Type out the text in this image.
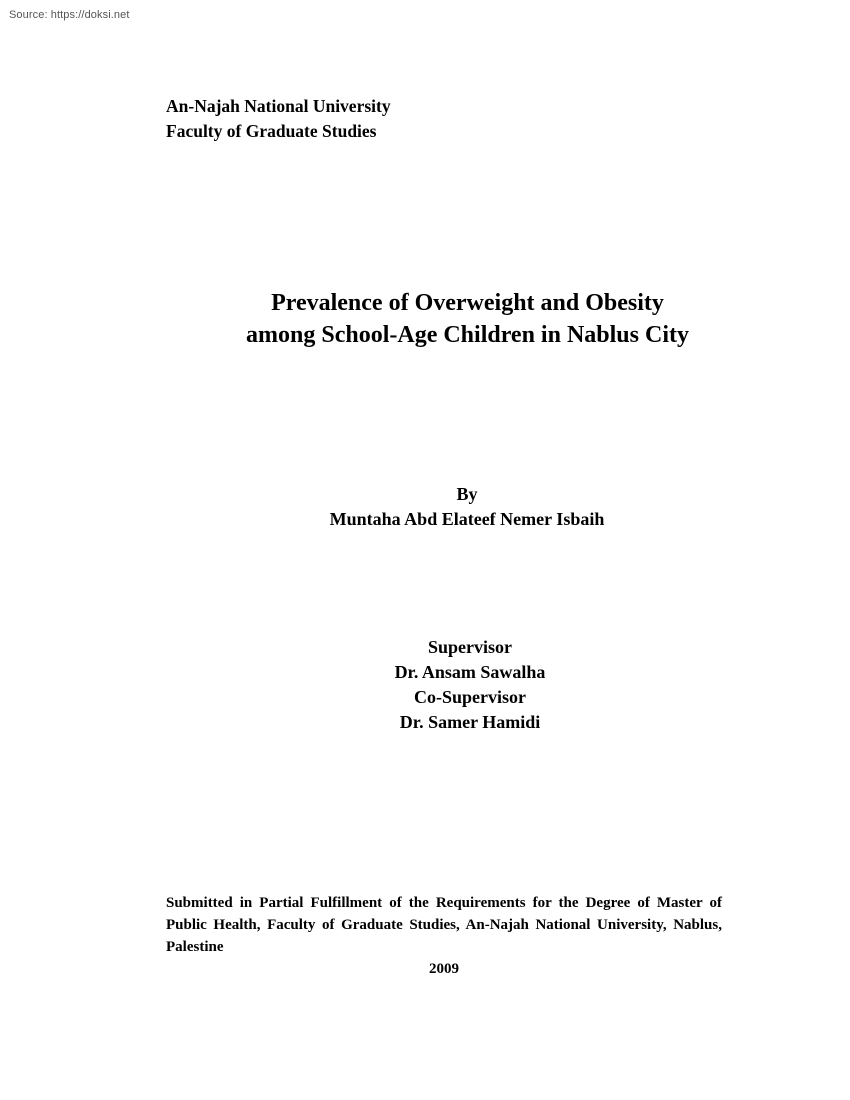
Source: https://doksi.net
An-Najah National University
Faculty of Graduate Studies
Prevalence of Overweight and Obesity
among School-Age Children in Nablus City
By
Muntaha Abd Elateef Nemer Isbaih
Supervisor
Dr. Ansam Sawalha
Co-Supervisor
Dr. Samer Hamidi
Submitted in Partial Fulfillment of the Requirements for the Degree of Master of Public Health, Faculty of Graduate Studies, An-Najah National University, Nablus, Palestine
2009
